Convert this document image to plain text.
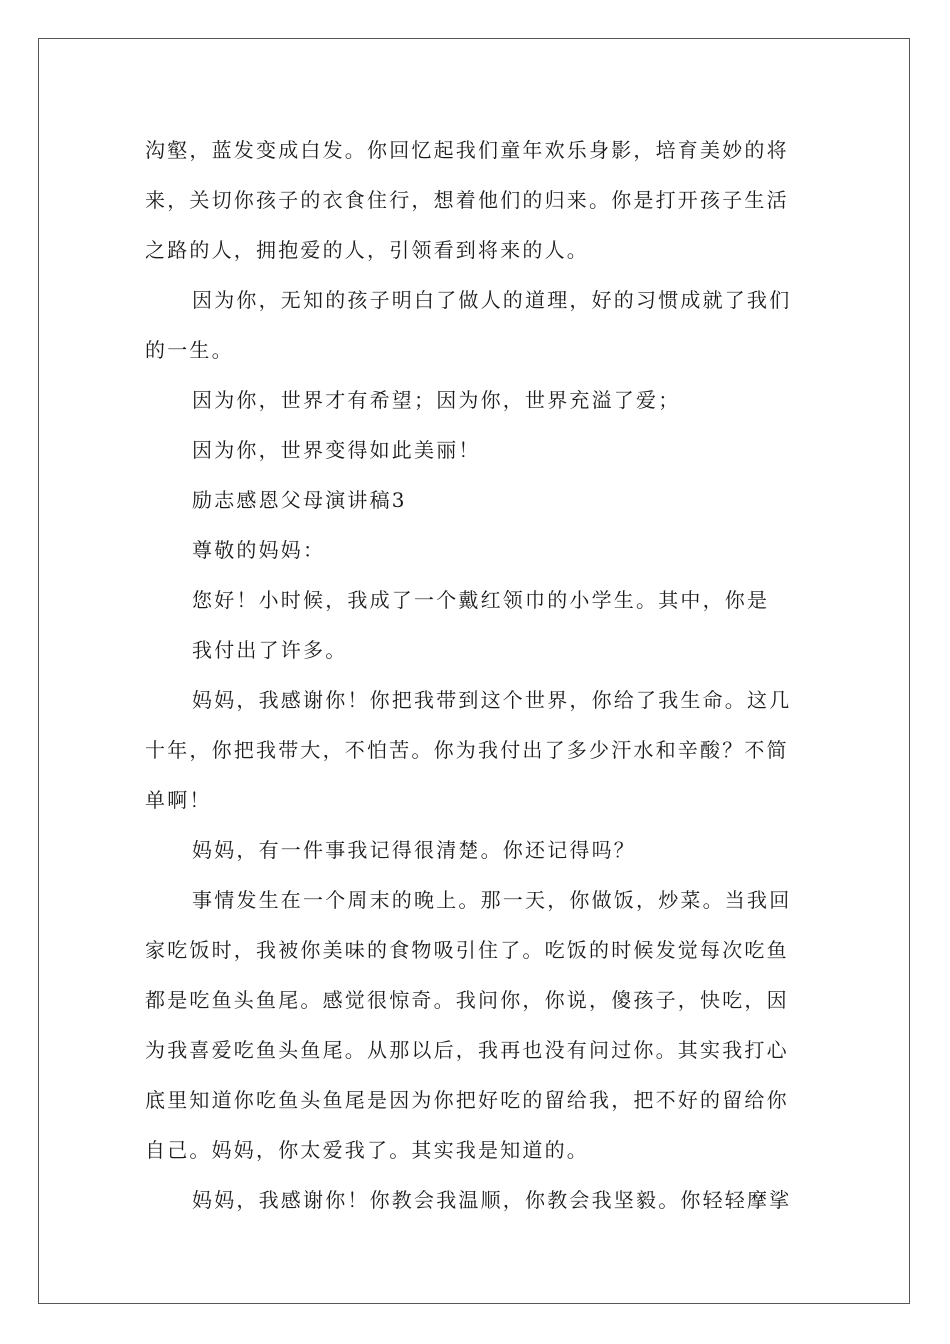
沟壑，蓝发变成白发。你回忆起我们童年欢乐身影，培育美妙的将
来，关切你孩子的衣食住行，想着他们的归来。你是打开孩子生活
之路的人，拥抱爱的人，引领看到将来的人。
因为你，无知的孩子明白了做人的道理，好的习惯成就了我们
的一生。
因为你，世界才有希望；因为你，世界充溢了爱；
因为你，世界变得如此美丽！
励志感恩父母演讲稿3
尊敬的妈妈：
您好！小时候，我成了一个戴红领巾的小学生。其中，你是
我付出了许多。
妈妈，我感谢你！你把我带到这个世界，你给了我生命。这几
十年，你把我带大，不怕苦。你为我付出了多少汗水和辛酸？不简
单啊！
妈妈，有一件事我记得很清楚。你还记得吗？
事情发生在一个周末的晚上。那一天，你做饭，炒菜。当我回
家吃饭时，我被你美味的食物吸引住了。吃饭的时候发觉每次吃鱼
都是吃鱼头鱼尾。感觉很惊奇。我问你，你说，傻孩子，快吃，因
为我喜爱吃鱼头鱼尾。从那以后，我再也没有问过你。其实我打心
底里知道你吃鱼头鱼尾是因为你把好吃的留给我，把不好的留给你
自己。妈妈，你太爱我了。其实我是知道的。
妈妈，我感谢你！你教会我温顺，你教会我坚毅。你轻轻摩挲
